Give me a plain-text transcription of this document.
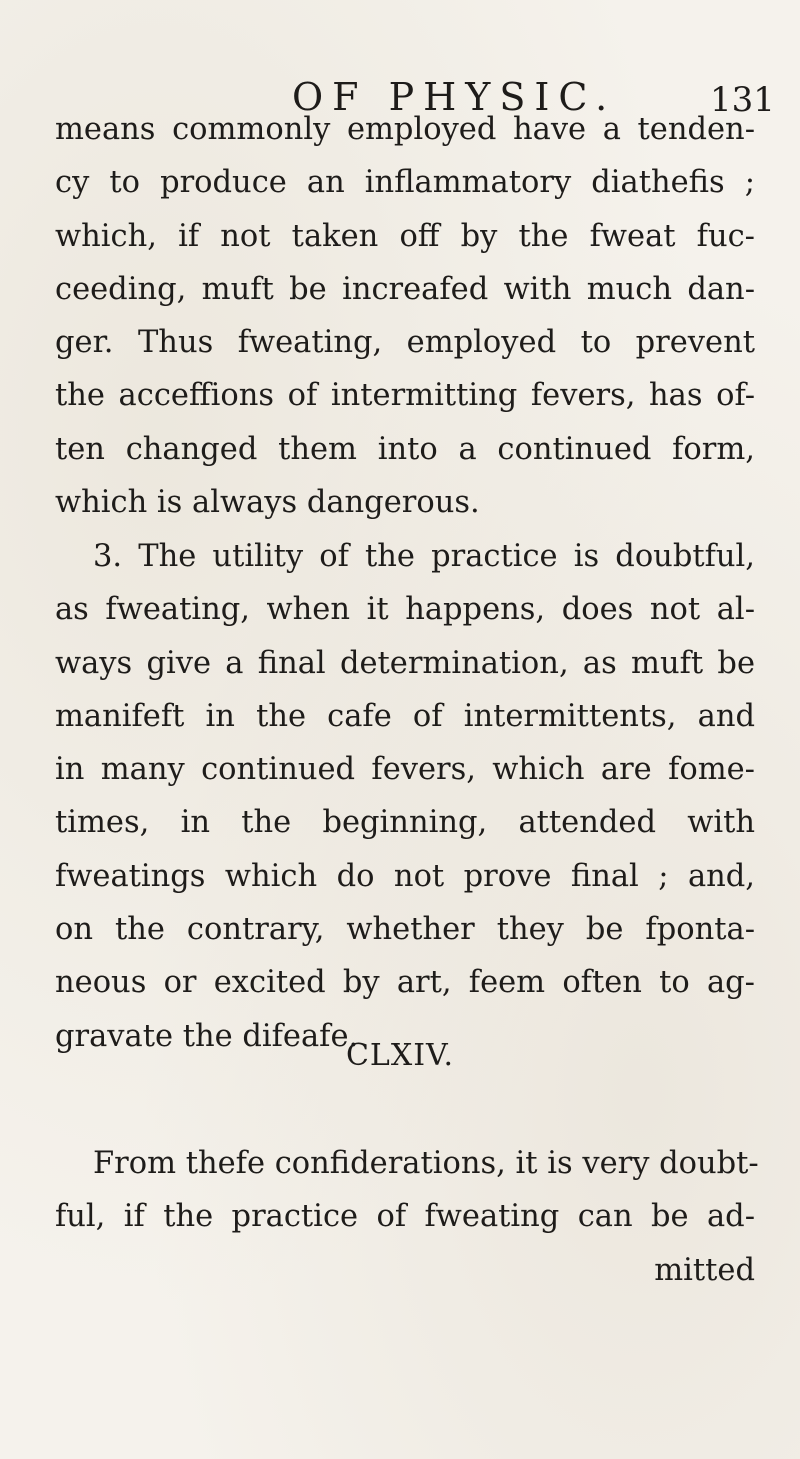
OF PHYSIC.	131
means commonly employed have a tenden-
cy to produce an inflammatory diathefis ;
which, if not taken off by the fweat fuc-
ceeding, muft be increafed with much dan-
ger. Thus fweating, employed to prevent
the acceffions of intermitting fevers, has of-
ten changed them into a continued form,
which is always dangerous.
3. The utility of the practice is doubtful,
as fweating, when it happens, does not al-
ways give a final determination, as muft be
manifeft in the cafe of intermittents, and
in many continued fevers, which are fome-
times, in the beginning, attended with
fweatings which do not prove final ; and,
on the contrary, whether they be fponta-
neous or excited by art, feem often to ag-
gravate the difeafe.
CLXIV.
From thefe confiderations, it is very doubt-
ful, if the practice of fweating can be ad-
mitted
